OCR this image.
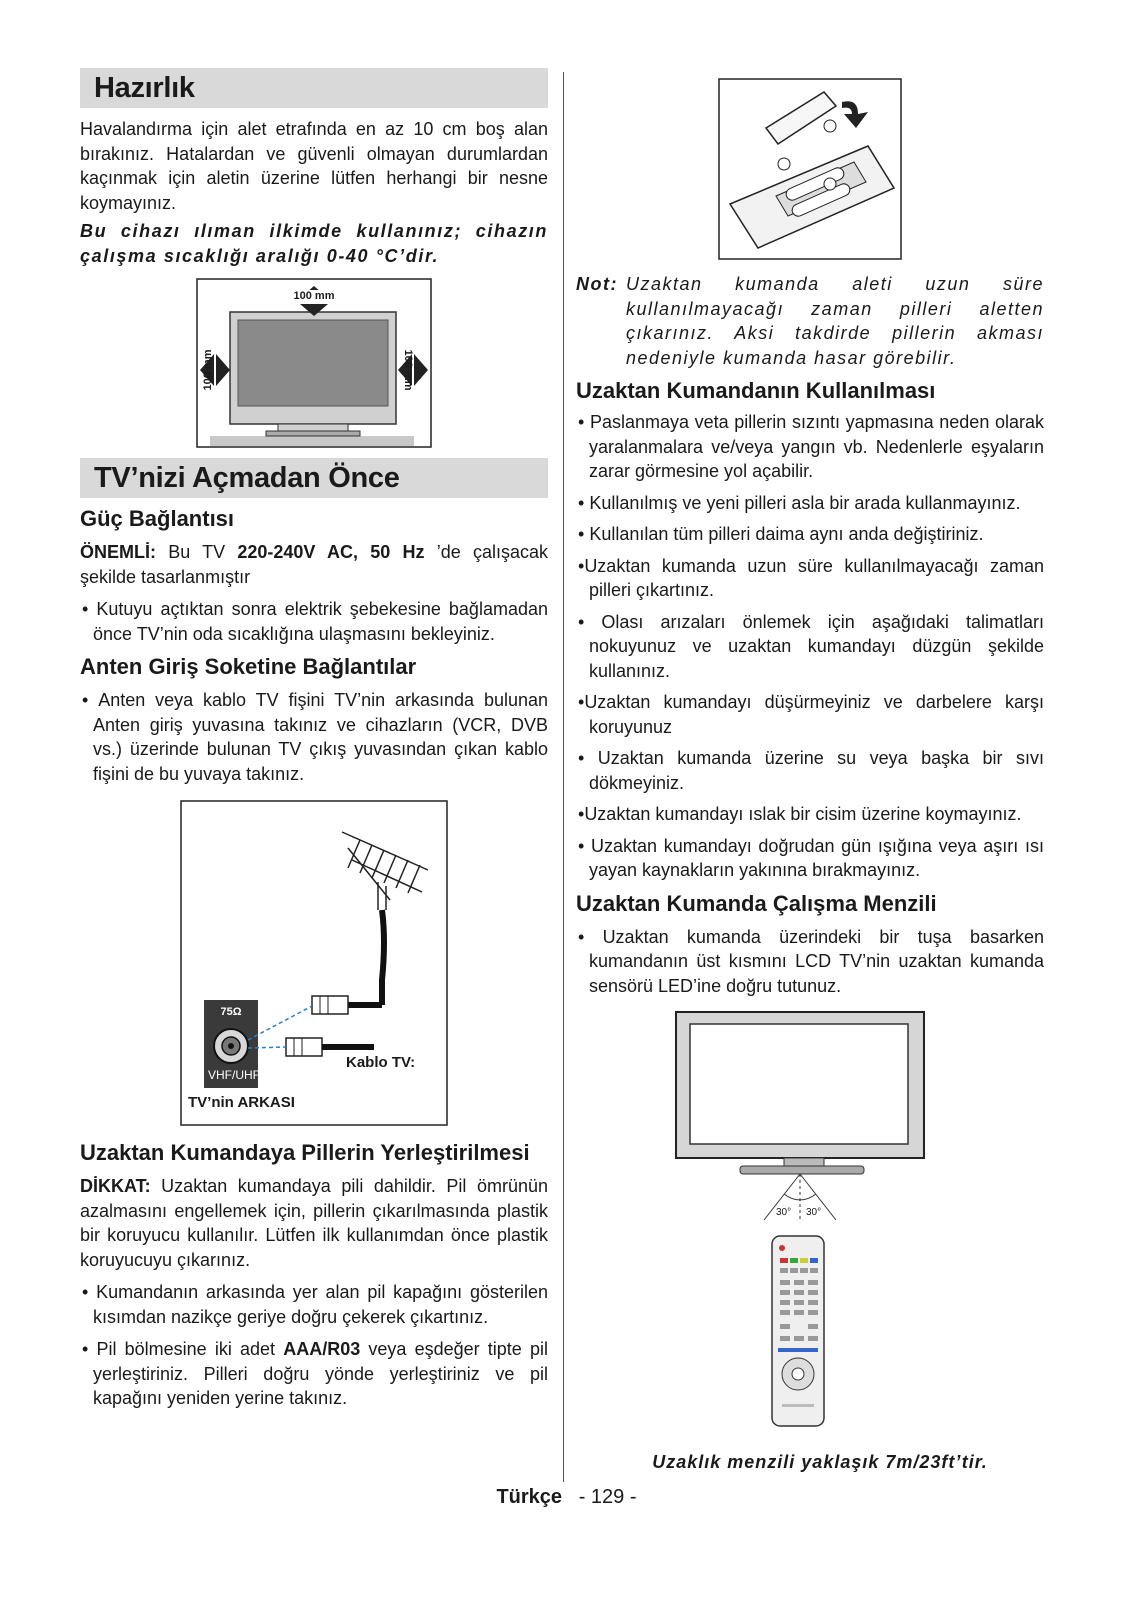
Hazırlık

Havalandırma için alet etrafında en az 10 cm boş alan bırakınız. Hatalardan ve güvenli olmayan durumlardan kaçınmak için aletin üzerine lütfen herhangi bir nesne koymayınız.

Bu cihazı ılıman ilkimde kullanınız; cihazın çalışma sıcaklığı aralığı 0-40 °C’dir.

100 mm
100 mm	100 mm
TV’nizi Açmadan Önce
Güç Bağlantısı

ÖNEMLİ: Bu TV 220-240V AC, 50 Hz ’de çalışacak şekilde tasarlanmıştır

• Kutuyu açtıktan sonra elektrik şebekesine bağlamadan önce TV’nin oda sıcaklığına ulaşmasını bekleyiniz.

Anten Giriş Soketine Bağlantılar

• Anten veya kablo TV fişini TV’nin arkasında bulunan Anten giriş yuvasına takınız ve cihazların (VCR, DVB vs.) üzerinde bulunan TV çıkış yuvasından çıkan kablo fişini de bu yuvaya takınız.

75Ω
VHF/UHF
Kablo TV:
TV’nin ARKASI
Uzaktan Kumandaya Pillerin Yerleştirilmesi

DİKKAT: Uzaktan kumandaya pili dahildir. Pil ömrünün azalmasını engellemek için, pillerin çıkarılmasında plastik bir koruyucu kullanılır. Lütfen ilk kullanımdan önce plastik koruyucuyu çıkarınız.

• Kumandanın arkasında yer alan pil kapağını gösterilen kısımdan nazikçe geriye doğru çekerek çıkartınız.

• Pil bölmesine iki adet AAA/R03 veya eşdeğer tipte pil yerleştiriniz. Pilleri doğru yönde yerleştiriniz ve pil kapağını yeniden yerine takınız.

Not: Uzaktan kumanda aleti uzun süre kullanılmayacağı zaman pilleri aletten çıkarınız. Aksi takdirde pillerin akması nedeniyle kumanda hasar görebilir.

Uzaktan Kumandanın Kullanılması

• Paslanmaya veta pillerin sızıntı yapmasına neden olarak yaralanmalara ve/veya yangın vb. Nedenlerle eşyaların zarar görmesine yol açabilir.

• Kullanılmış ve yeni pilleri asla bir arada kullanmayınız.

• Kullanılan tüm pilleri daima aynı anda değiştiriniz.

•Uzaktan kumanda uzun süre kullanılmayacağı zaman pilleri çıkartınız.

• Olası arızaları önlemek için aşağıdaki talimatları nokuyunuz ve uzaktan kumandayı düzgün şekilde kullanınız.

•Uzaktan kumandayı düşürmeyiniz ve darbelere karşı koruyunuz

• Uzaktan kumanda üzerine su veya başka bir sıvı dökmeyiniz.

•Uzaktan kumandayı ıslak bir cisim üzerine koymayınız.

• Uzaktan kumandayı doğrudan gün ışığına veya aşırı ısı yayan kaynakların yakınına bırakmayınız.

Uzaktan Kumanda Çalışma Menzili

• Uzaktan kumanda üzerindeki bir tuşa basarken kumandanın üst kısmını LCD TV’nin uzaktan kumanda sensörü LED’ine doğru tutunuz.

30° 30°

Uzaklık menzili yaklaşık 7m/23ft’tir.

Türkçe - 129 -
